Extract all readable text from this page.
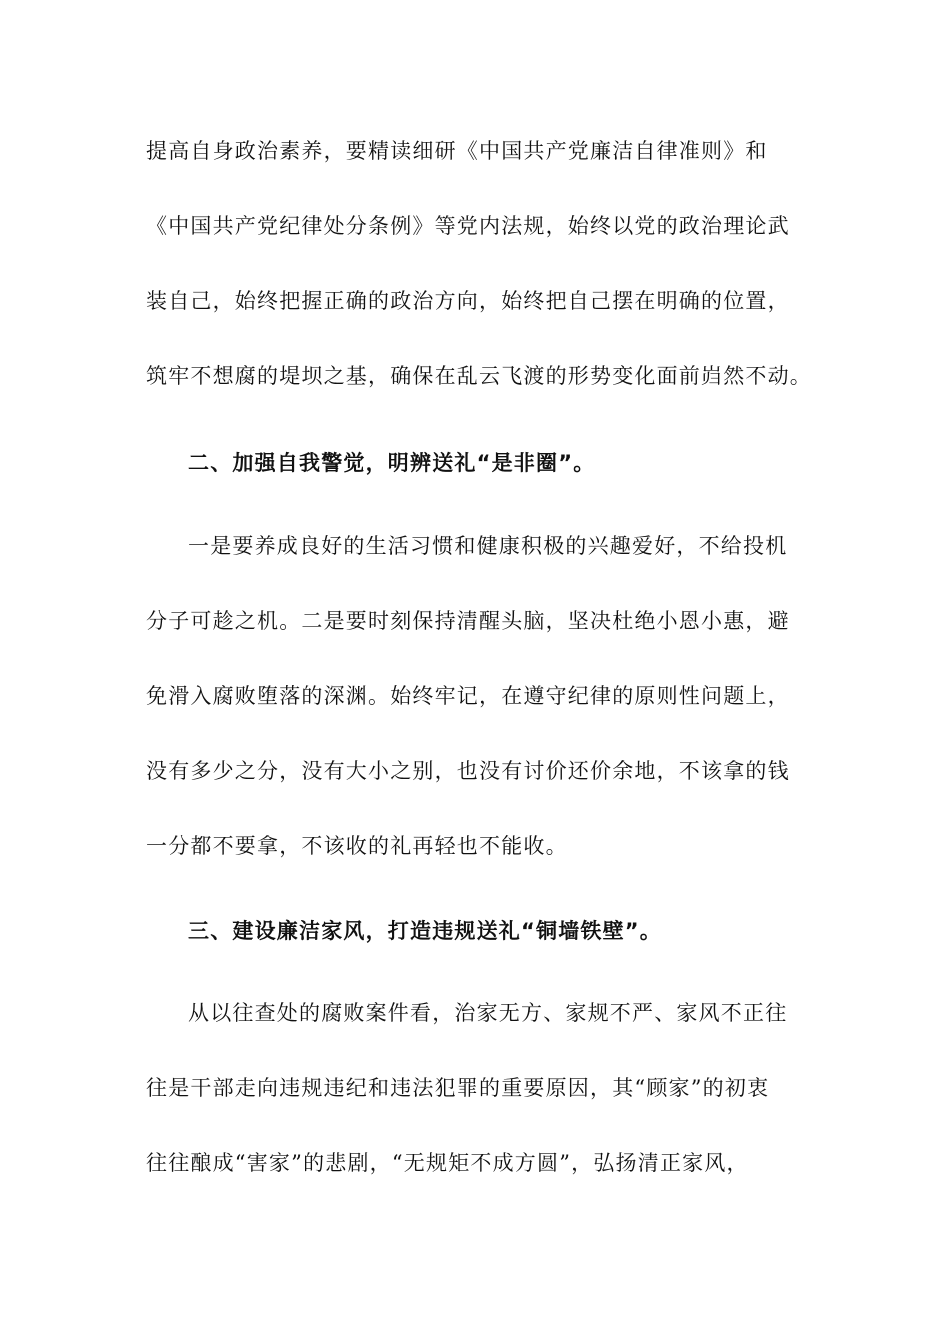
提高自身政治素养，要精读细研《中国共产党廉洁自律准则》和
《中国共产党纪律处分条例》等党内法规，始终以党的政治理论武
装自己，始终把握正确的政治方向，始终把自己摆在明确的位置，
筑牢不想腐的堤坝之基，确保在乱云飞渡的形势变化面前岿然不动。
二、加强自我警觉，明辨送礼“是非圈”。
一是要养成良好的生活习惯和健康积极的兴趣爱好，不给投机
分子可趁之机。二是要时刻保持清醒头脑，坚决杜绝小恩小惠，避
免滑入腐败堕落的深渊。始终牢记，在遵守纪律的原则性问题上，
没有多少之分，没有大小之别，也没有讨价还价余地，不该拿的钱
一分都不要拿，不该收的礼再轻也不能收。
三、建设廉洁家风，打造违规送礼“铜墙铁壁”。
从以往查处的腐败案件看，治家无方、家规不严、家风不正往
往是干部走向违规违纪和违法犯罪的重要原因，其“顾家”的初衷
往往酿成“害家”的悲剧，“无规矩不成方圆”，弘扬清正家风，
